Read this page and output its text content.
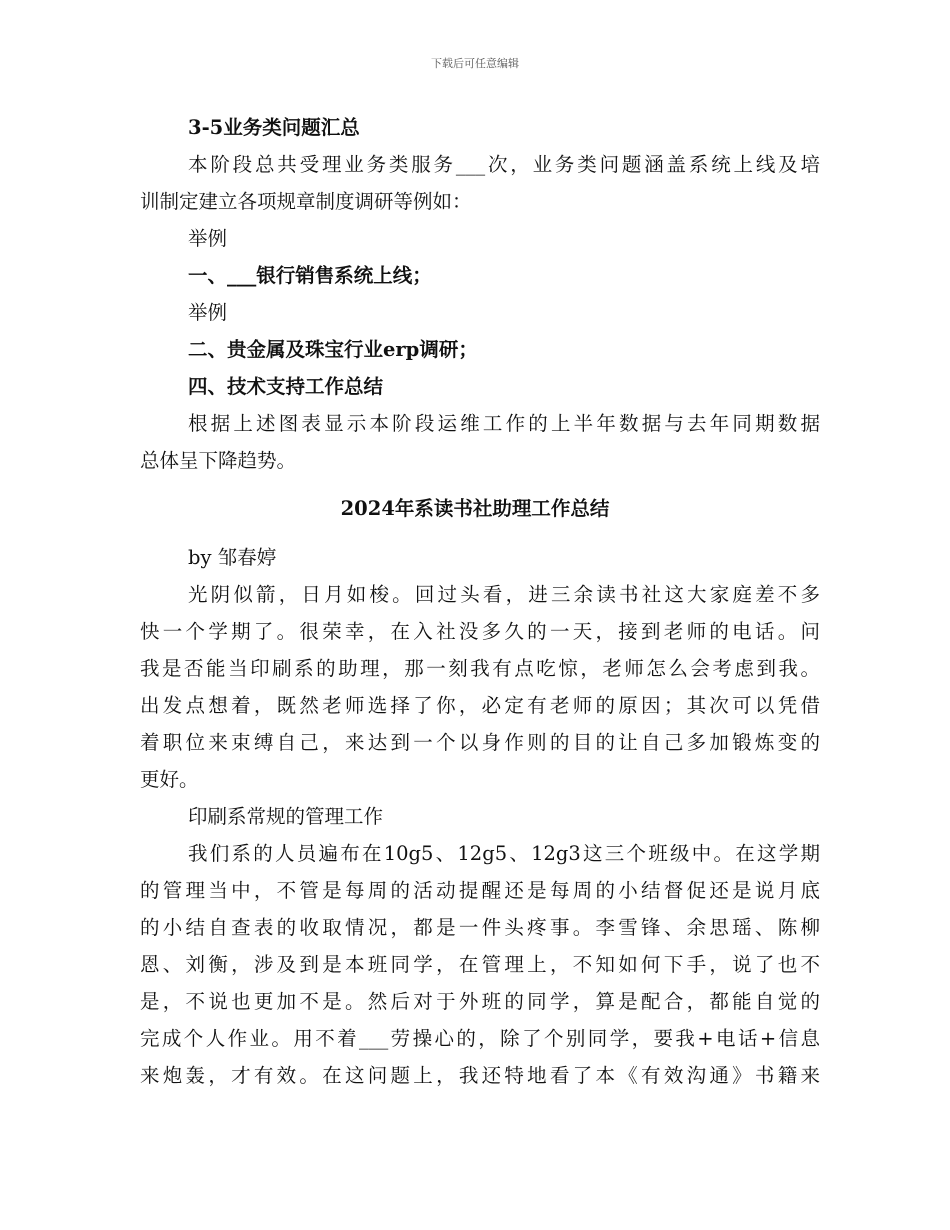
下载后可任意编辑
3-5业务类问题汇总
本阶段总共受理业务类服务___次，业务类问题涵盖系统上线及培
训制定建立各项规章制度调研等例如：
举例
一、___银行销售系统上线；
举例
二、贵金属及珠宝行业erp调研；
四、技术支持工作总结
根据上述图表显示本阶段运维工作的上半年数据与去年同期数据
总体呈下降趋势。
2024年系读书社助理工作总结
by 邹春婷
光阴似箭，日月如梭。回过头看，进三余读书社这大家庭差不多
快一个学期了。很荣幸，在入社没多久的一天，接到老师的电话。问
我是否能当印刷系的助理，那一刻我有点吃惊，老师怎么会考虑到我。
出发点想着，既然老师选择了你，必定有老师的原因；其次可以凭借
着职位来束缚自己，来达到一个以身作则的目的让自己多加锻炼变的
更好。
印刷系常规的管理工作
我们系的人员遍布在10g5、12g5、12g3这三个班级中。在这学期
的管理当中，不管是每周的活动提醒还是每周的小结督促还是说月底
的小结自查表的收取情况，都是一件头疼事。李雪锋、余思瑶、陈柳
恩、刘衡，涉及到是本班同学，在管理上，不知如何下手，说了也不
是，不说也更加不是。然后对于外班的同学，算是配合，都能自觉的
完成个人作业。用不着___劳操心的，除了个别同学，要我+电话+信息
来炮轰，才有效。在这问题上，我还特地看了本《有效沟通》书籍来
